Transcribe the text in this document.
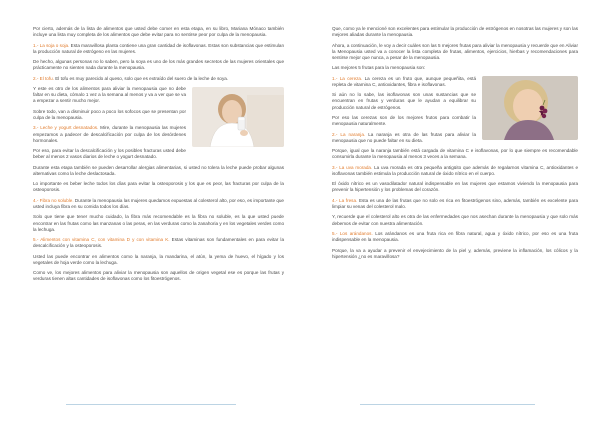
Por cierto, además de la lista de alimentos que usted debe comer en esta etapa, en su libro, Mariana Mónaco también incluye una lista muy completa de los alimentos que debe evitar para no sentirse peor por culpa de la menopausia.

1.- La soja o soja. Esta maravillosa planta contiene una gran cantidad de isoflavonas. Estas son substancias que estimulan la producción natural de estrógeno en las mujeres.

De hecho, algunas personas no lo saben, pero la soya es uno de los más grandes secretos de las mujeres orientales que prácticamente no sienten nada durante la menopausia.

2.- El tofu. El tofu es muy parecido al queso, solo que es extraído del suero de la leche de soya.

Y este es otro de los alimentos para aliviar la menopausia que no debe faltar en su dieta, cómalo 1 vez a la semana al menos y va a ver que se va a empezar a sentir mucho mejor.

Sobre todo, van a disminuir poco a poco los sofocos que se presentan por culpa de la menopausia.

3.- Leche y yogurt desnatados. Mire, durante la menopausia las mujeres empezamos a padecer de descalcificación por culpa de los desórdenes hormonales.

Por eso, para evitar la descalcificación y los posibles fracturas usted debe beber al menos 2 vasos diarios de leche o yogurt desnatado.

Durante esta etapa también se pueden desarrollar alergias alimentarias, si usted no tolera la leche puede probar algunas alternativas como la leche deslactosada.

Lo importante es beber leche todos los días para evitar la osteoporosis y los que es peor, las fracturas por culpa de la osteoporosis.

4.- Fibra no soluble. Durante la menopausia las mujeres quedamos expuestas al colesterol alto, por eso, es importante que usted incluya fibra en su comida todos los días.

Solo que tiene que tener mucho cuidado, la fibra más recomendable es la fibra no soluble, es la que usted puede encontrar en las frutas como las manzanas o las peras, en las verduras como la zanahoria y en los vegetales verdes como la lechuga.

5.- Alimentos con vitamina C, con vitamina D y con vitamina K. Estas vitaminas son fundamentales en para evitar la descalcificación y la osteoporosis.

Usted las puede encontrar en alimentos como la naranja, la mandarina, el atún, la yema de huevo, el hígado y los vegetales de hoja verde como la lechuga.

Como ve, los mejores alimentos para aliviar la menopausia son aquellos de origen vegetal ese es porque las frutas y verduras tienen altas cantidades de isoflavonas como los fitoestrógenos.

Que, como ya le mencioné son excelentes para estimular la producción de estrógenos en nosotras las mujeres y son las mejores aliadas durante la menopausia.

Ahora, a continuación, le voy a decir cuáles son las 5 mejores frutas para aliviar la menopausia y recuerde que en Aliviar la Menopausia usted va a conocer la lista completa de frutas, alimentos, ejercicios, hierbas y recomendaciones para sentirse mejor que nunca, a pesar de la menopausia.

Las mejores 5 frutas para la menopausia son:

1.- La cereza. La cereza es un fruto que, aunque pequeñita, está repleta de vitamina C, antioxidantes, fibra e isoflavonas.

Si aún no lo sabe, las isoflavonas son unas sustancias que se encuentran en frutas y verduras que le ayudan a equilibrar su producción natural de estrógenos.

Por eso las cerezas son de los mejores frutos para combatir la menopausia naturalmente.

2.- La naranja. La naranja es otra de las frutas para aliviar la menopausia que no puede faltar en su dieta.

Porque, igual que la naranja también está cargada de vitamina C e isoflavonas, por lo que siempre es recomendable consumirla durante la menopausia al menos 3 veces a la semana.

3.- La uva morada. La uva morada es otra pequeña antigüito que además de regalarnos vitamina C, antioxidantes e isoflavonas también estimula la producción natural de óxido nítrico en el cuerpo.

El óxido nítrico es un vasodilatador natural indispensable en las mujeres que estamos viviendo la menopausia para prevenir la hipertensión y los problemas del corazón.

4.- La fresa. Esta es una de las frutas que no solo es rica en fitoestrógenos sino, además, también es excelente para limpiar su venas del colesterol malo.

Y, recuerde que el colesterol alto es otra de las enfermedades que nos asechan durante la menopausia y que solo más debemos de evitar con nuestra alimentación.

5.- Los arándanos. Los arándanos es una fruta rica en fibra natural, agua y óxido nítrico, por eso es una fruta indispensable en la menopausia.

Porque, la va a ayudar a prevenir el envejecimiento de la piel y, además, previene la inflamación, los cólicos y la hipertensión ¿no es maravillosa?
